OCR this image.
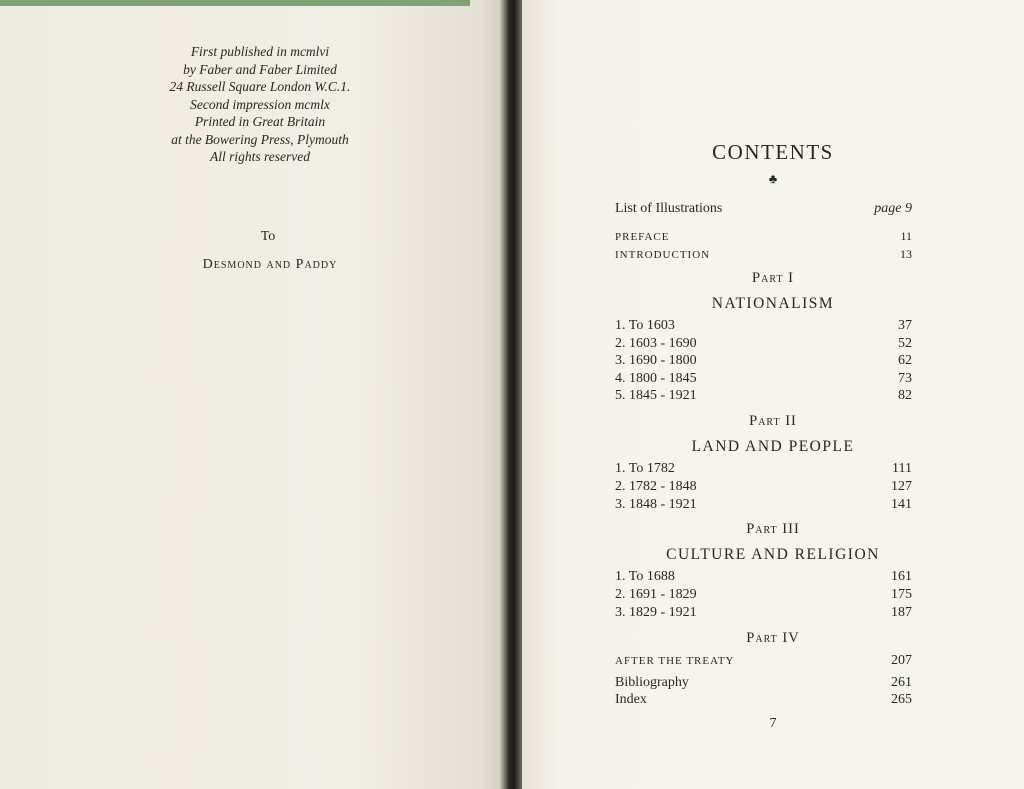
First published in mcmlvi
by Faber and Faber Limited
24 Russell Square London W.C.1.
Second impression mcmlx
Printed in Great Britain
at the Bowering Press, Plymouth
All rights reserved
To
Desmond and Paddy
CONTENTS
♣
List of Illustrations	page 9
PREFACE	11
INTRODUCTION	13
Part I
NATIONALISM
1. To 1603	37
2. 1603 - 1690	52
3. 1690 - 1800	62
4. 1800 - 1845	73
5. 1845 - 1921	82
Part II
LAND AND PEOPLE
1. To 1782	111
2. 1782 - 1848	127
3. 1848 - 1921	141
Part III
CULTURE AND RELIGION
1. To 1688	161
2. 1691 - 1829	175
3. 1829 - 1921	187
Part IV
AFTER THE TREATY	207
Bibliography	261
Index	265
7
